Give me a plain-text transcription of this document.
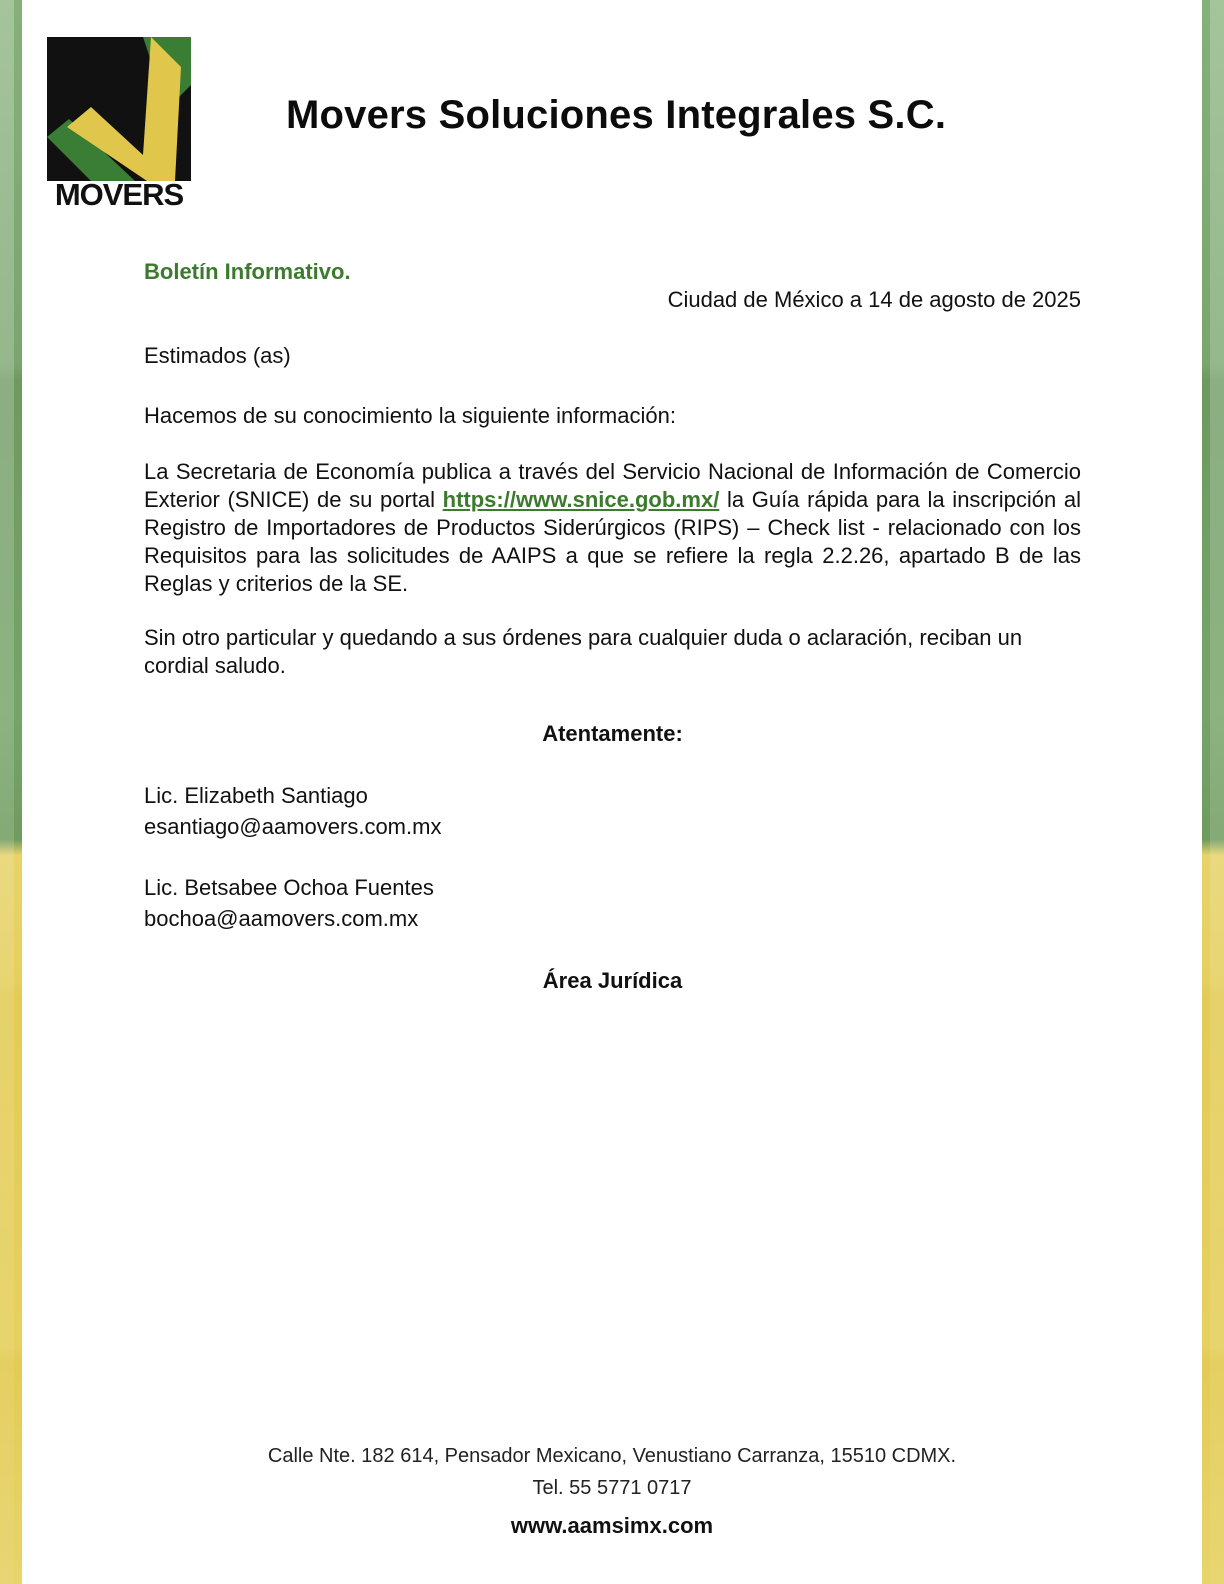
MOVERS
Movers Soluciones Integrales S.C.

Boletín Informativo.

Ciudad de México a 14 de agosto de 2025

Estimados (as)

Hacemos de su conocimiento la siguiente información:

La Secretaria de Economía publica a través del Servicio Nacional de Información de Comercio Exterior (SNICE) de su portal https://www.snice.gob.mx/ la Guía rápida para la inscripción al Registro de Importadores de Productos Siderúrgicos (RIPS) – Check list - relacionado con los Requisitos para las solicitudes de AAIPS a que se refiere la regla 2.2.26, apartado B de las Reglas y criterios de la SE.

Sin otro particular y quedando a sus órdenes para cualquier duda o aclaración, reciban un cordial saludo.

Atentamente:

Lic. Elizabeth Santiago
esantiago@aamovers.com.mx
Lic. Betsabee Ochoa Fuentes
bochoa@aamovers.com.mx

Área Jurídica

Calle Nte. 182 614, Pensador Mexicano, Venustiano Carranza, 15510 CDMX.
Tel. 55 5771 0717
www.aamsimx.com
